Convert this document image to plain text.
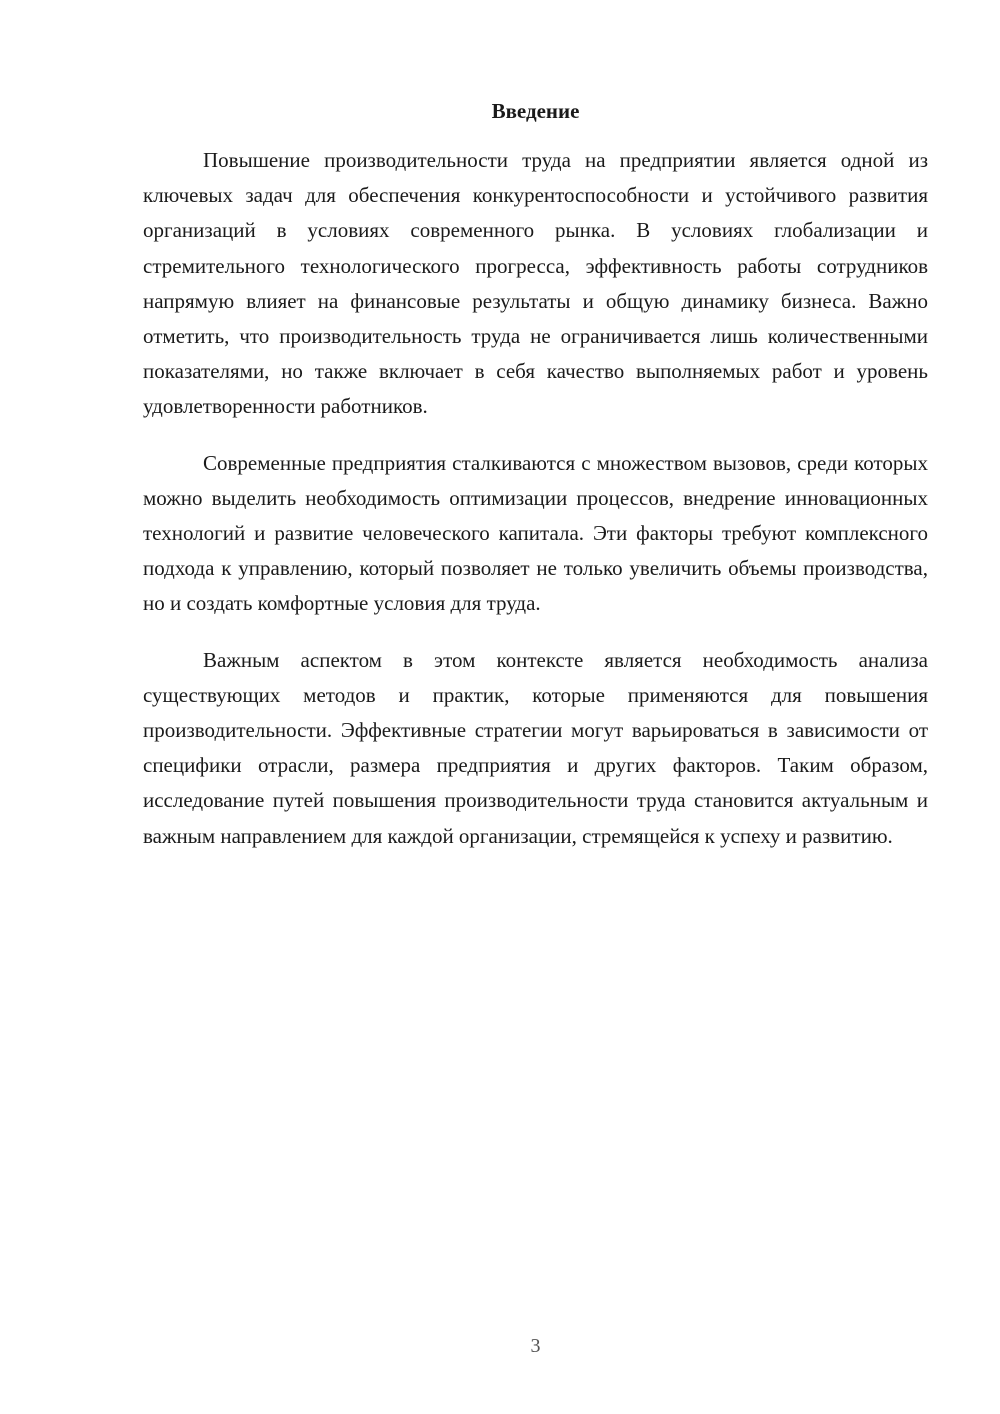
Введение

Повышение производительности труда на предприятии является одной из ключевых задач для обеспечения конкурентоспособности и устойчивого развития организаций в условиях современного рынка. В условиях глобализации и стремительного технологического прогресса, эффективность работы сотрудников напрямую влияет на финансовые результаты и общую динамику бизнеса. Важно отметить, что производительность труда не ограничивается лишь количественными показателями, но также включает в себя качество выполняемых работ и уровень удовлетворенности работников.

Современные предприятия сталкиваются с множеством вызовов, среди которых можно выделить необходимость оптимизации процессов, внедрение инновационных технологий и развитие человеческого капитала. Эти факторы требуют комплексного подхода к управлению, который позволяет не только увеличить объемы производства, но и создать комфортные условия для труда.

Важным аспектом в этом контексте является необходимость анализа существующих методов и практик, которые применяются для повышения производительности. Эффективные стратегии могут варьироваться в зависимости от специфики отрасли, размера предприятия и других факторов. Таким образом, исследование путей повышения производительности труда становится актуальным и важным направлением для каждой организации, стремящейся к успеху и развитию.

3
